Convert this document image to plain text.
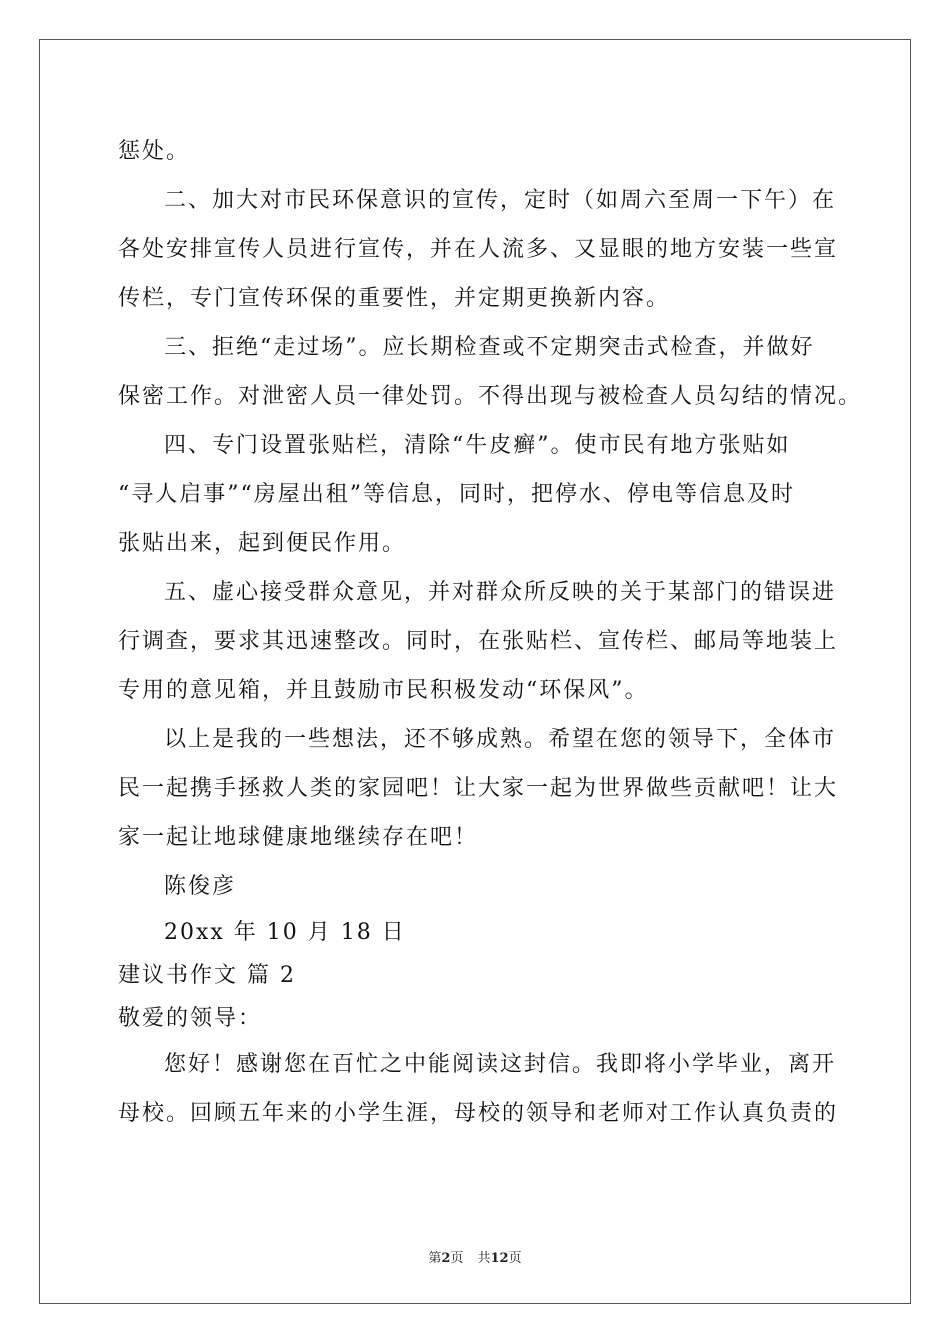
惩处。
二、加大对市民环保意识的宣传，定时（如周六至周一下午）在
各处安排宣传人员进行宣传，并在人流多、又显眼的地方安装一些宣
传栏，专门宣传环保的重要性，并定期更换新内容。
三、拒绝“走过场”。应长期检查或不定期突击式检查，并做好
保密工作。对泄密人员一律处罚。不得出现与被检查人员勾结的情况。
四、专门设置张贴栏，清除“牛皮癣”。使市民有地方张贴如
“寻人启事”“房屋出租”等信息，同时，把停水、停电等信息及时
张贴出来，起到便民作用。
五、虚心接受群众意见，并对群众所反映的关于某部门的错误进
行调查，要求其迅速整改。同时，在张贴栏、宣传栏、邮局等地装上
专用的意见箱，并且鼓励市民积极发动“环保风”。
以上是我的一些想法，还不够成熟。希望在您的领导下，全体市
民一起携手拯救人类的家园吧！让大家一起为世界做些贡献吧！让大
家一起让地球健康地继续存在吧！
陈俊彦
20xx 年 10 月 18 日
建议书作文 篇 2
敬爱的领导：
您好！感谢您在百忙之中能阅读这封信。我即将小学毕业，离开
母校。回顾五年来的小学生涯，母校的领导和老师对工作认真负责的
第2页 共12页
